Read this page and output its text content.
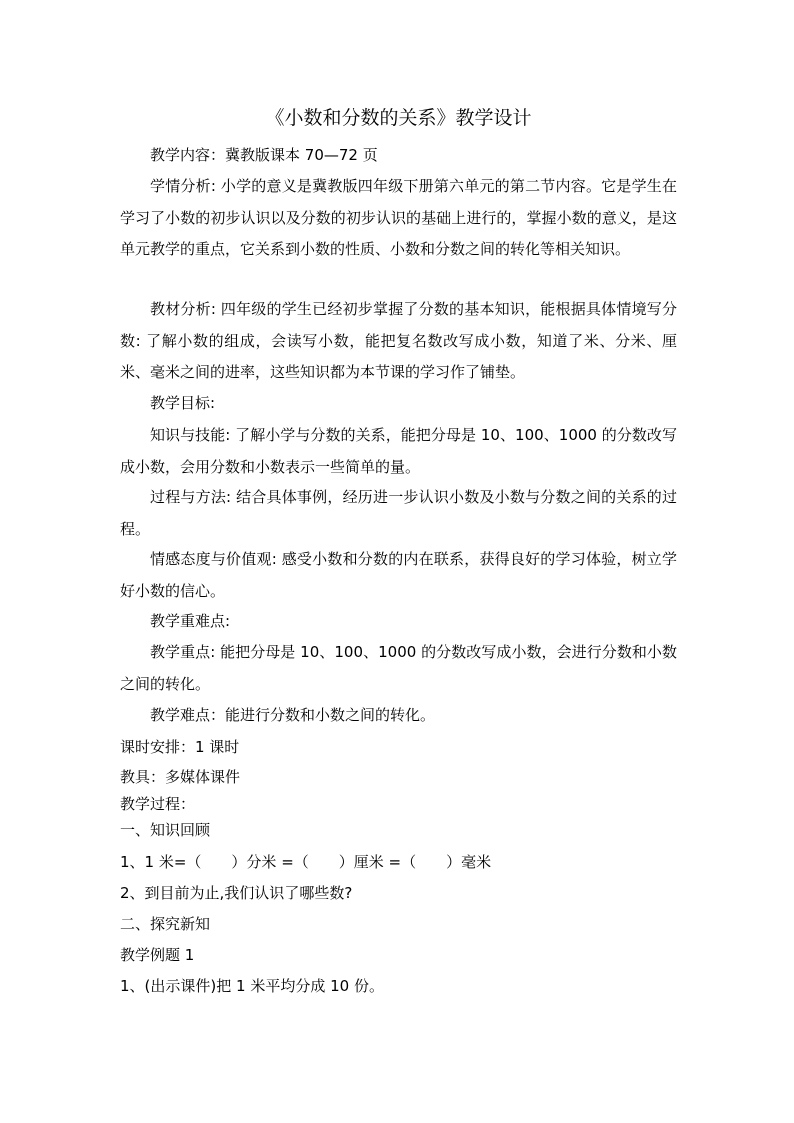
《小数和分数的关系》教学设计
教学内容：冀教版课本 70—72 页
学情分析: 小学的意义是冀教版四年级下册第六单元的第二节内容。它是学生在学习了小数的初步认识以及分数的初步认识的基础上进行的，掌握小数的意义，是这单元教学的重点，它关系到小数的性质、小数和分数之间的转化等相关知识。
教材分析: 四年级的学生已经初步掌握了分数的基本知识，能根据具体情境写分数: 了解小数的组成，会读写小数，能把复名数改写成小数，知道了米、分米、厘米、毫米之间的进率，这些知识都为本节课的学习作了铺垫。
教学目标:
知识与技能: 了解小学与分数的关系，能把分母是 10、100、1000 的分数改写成小数，会用分数和小数表示一些简单的量。
过程与方法: 结合具体事例，经历进一步认识小数及小数与分数之间的关系的过程。
情感态度与价值观: 感受小数和分数的内在联系，获得良好的学习体验，树立学好小数的信心。
教学重难点:
教学重点: 能把分母是 10、100、1000 的分数改写成小数，会进行分数和小数之间的转化。
教学难点：能进行分数和小数之间的转化。
课时安排：1 课时
教具：多媒体课件
教学过程：
一、知识回顾
1、1 米=（　　）分米 =（　　）厘米 =（　　）毫米
2、到目前为止,我们认识了哪些数?
二、探究新知
教学例题 1
1、(出示课件)把 1 米平均分成 10 份。
